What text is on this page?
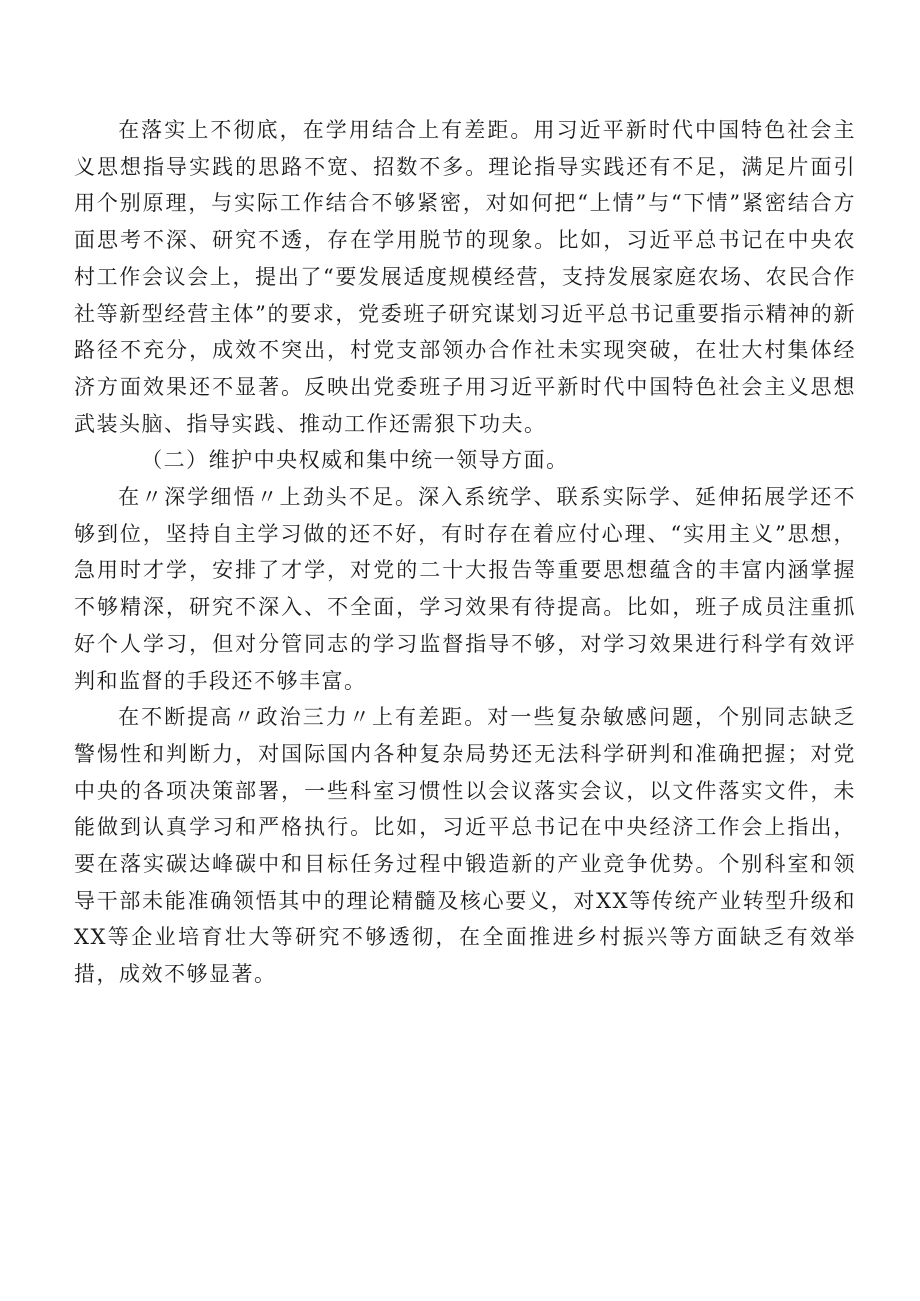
在落实上不彻底，在学用结合上有差距。用习近平新时代中国特色社会主义思想指导实践的思路不宽、招数不多。理论指导实践还有不足，满足片面引用个别原理，与实际工作结合不够紧密，对如何把“上情”与“下情”紧密结合方面思考不深、研究不透，存在学用脱节的现象。比如，习近平总书记在中央农村工作会议会上，提出了“要发展适度规模经营，支持发展家庭农场、农民合作社等新型经营主体”的要求，党委班子研究谋划习近平总书记重要指示精神的新路径不充分，成效不突出，村党支部领办合作社未实现突破，在壮大村集体经济方面效果还不显著。反映出党委班子用习近平新时代中国特色社会主义思想武装头脑、指导实践、推动工作还需狠下功夫。

（二）维护中央权威和集中统一领导方面。

在〃深学细悟〃上劲头不足。深入系统学、联系实际学、延伸拓展学还不够到位，坚持自主学习做的还不好，有时存在着应付心理、“实用主义”思想，急用时才学，安排了才学，对党的二十大报告等重要思想蕴含的丰富内涵掌握不够精深，研究不深入、不全面，学习效果有待提高。比如，班子成员注重抓好个人学习，但对分管同志的学习监督指导不够，对学习效果进行科学有效评判和监督的手段还不够丰富。

在不断提高〃政治三力〃上有差距。对一些复杂敏感问题，个别同志缺乏警惕性和判断力，对国际国内各种复杂局势还无法科学研判和准确把握；对党中央的各项决策部署，一些科室习惯性以会议落实会议，以文件落实文件，未能做到认真学习和严格执行。比如，习近平总书记在中央经济工作会上指出，要在落实碳达峰碳中和目标任务过程中锻造新的产业竞争优势。个别科室和领导干部未能准确领悟其中的理论精髓及核心要义，对XX等传统产业转型升级和XX等企业培育壮大等研究不够透彻，在全面推进乡村振兴等方面缺乏有效举措，成效不够显著。
